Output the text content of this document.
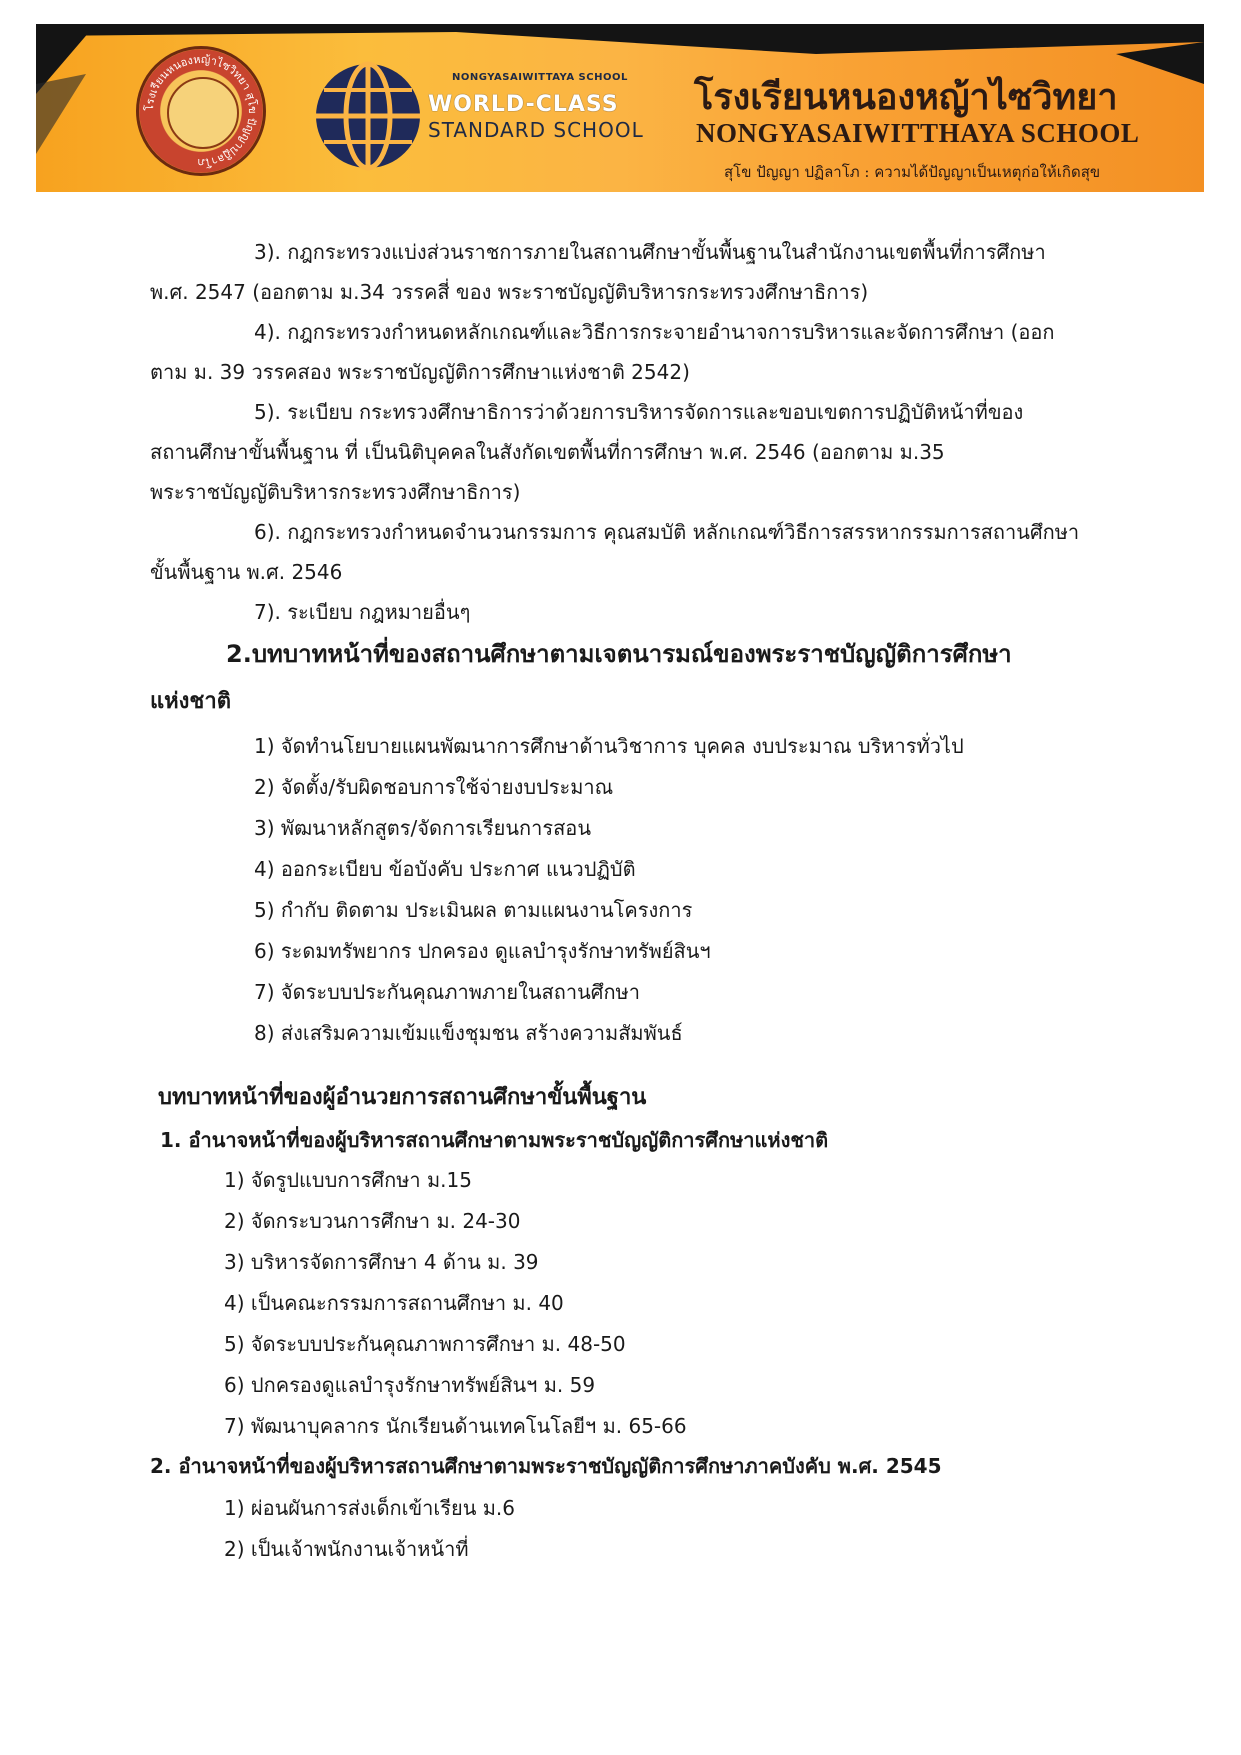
โรงเรียนหนองหญ้าไซวิทยา สุโข ปัญญาปฏิลาโภ
NONGYASAIWITTAYA SCHOOL
WORLD-CLASS
STANDARD SCHOOL
โรงเรียนหนองหญ้าไซวิทยา
NONGYASAIWITTHAYA SCHOOL
สุโข ปัญญา ปฏิลาโภ : ความได้ปัญญาเป็นเหตุก่อให้เกิดสุข
3). กฎกระทรวงแบ่งส่วนราชการภายในสถานศึกษาขั้นพื้นฐานในสำนักงานเขตพื้นที่การศึกษา
พ.ศ. 2547 (ออกตาม ม.34 วรรคสี่ ของ พระราชบัญญัติบริหารกระทรวงศึกษาธิการ)
4). กฎกระทรวงกำหนดหลักเกณฑ์และวิธีการกระจายอำนาจการบริหารและจัดการศึกษา (ออก
ตาม ม. 39 วรรคสอง พระราชบัญญัติการศึกษาแห่งชาติ 2542)
5). ระเบียบ กระทรวงศึกษาธิการว่าด้วยการบริหารจัดการและขอบเขตการปฏิบัติหน้าที่ของ
สถานศึกษาขั้นพื้นฐาน ที่ เป็นนิติบุคคลในสังกัดเขตพื้นที่การศึกษา พ.ศ. 2546 (ออกตาม ม.35
พระราชบัญญัติบริหารกระทรวงศึกษาธิการ)
6). กฎกระทรวงกำหนดจำนวนกรรมการ คุณสมบัติ หลักเกณฑ์วิธีการสรรหากรรมการสถานศึกษา
ขั้นพื้นฐาน พ.ศ. 2546
7). ระเบียบ กฎหมายอื่นๆ
2.บทบาทหน้าที่ของสถานศึกษาตามเจตนารมณ์ของพระราชบัญญัติการศึกษา
แห่งชาติ
1) จัดทำนโยบายแผนพัฒนาการศึกษาด้านวิชาการ บุคคล งบประมาณ บริหารทั่วไป
2) จัดตั้ง/รับผิดชอบการใช้จ่ายงบประมาณ
3) พัฒนาหลักสูตร/จัดการเรียนการสอน
4) ออกระเบียบ ข้อบังคับ ประกาศ แนวปฏิบัติ
5) กำกับ ติดตาม ประเมินผล ตามแผนงานโครงการ
6) ระดมทรัพยากร ปกครอง ดูแลบำรุงรักษาทรัพย์สินฯ
7) จัดระบบประกันคุณภาพภายในสถานศึกษา
8) ส่งเสริมความเข้มแข็งชุมชน สร้างความสัมพันธ์
บทบาทหน้าที่ของผู้อำนวยการสถานศึกษาขั้นพื้นฐาน
1. อำนาจหน้าที่ของผู้บริหารสถานศึกษาตามพระราชบัญญัติการศึกษาแห่งชาติ
1) จัดรูปแบบการศึกษา ม.15
2) จัดกระบวนการศึกษา ม. 24-30
3) บริหารจัดการศึกษา 4 ด้าน ม. 39
4) เป็นคณะกรรมการสถานศึกษา ม. 40
5) จัดระบบประกันคุณภาพการศึกษา ม. 48-50
6) ปกครองดูแลบำรุงรักษาทรัพย์สินฯ ม. 59
7) พัฒนาบุคลากร นักเรียนด้านเทคโนโลยีฯ ม. 65-66
2. อำนาจหน้าที่ของผู้บริหารสถานศึกษาตามพระราชบัญญัติการศึกษาภาคบังคับ พ.ศ. 2545
1) ผ่อนผันการส่งเด็กเข้าเรียน ม.6
2) เป็นเจ้าพนักงานเจ้าหน้าที่
